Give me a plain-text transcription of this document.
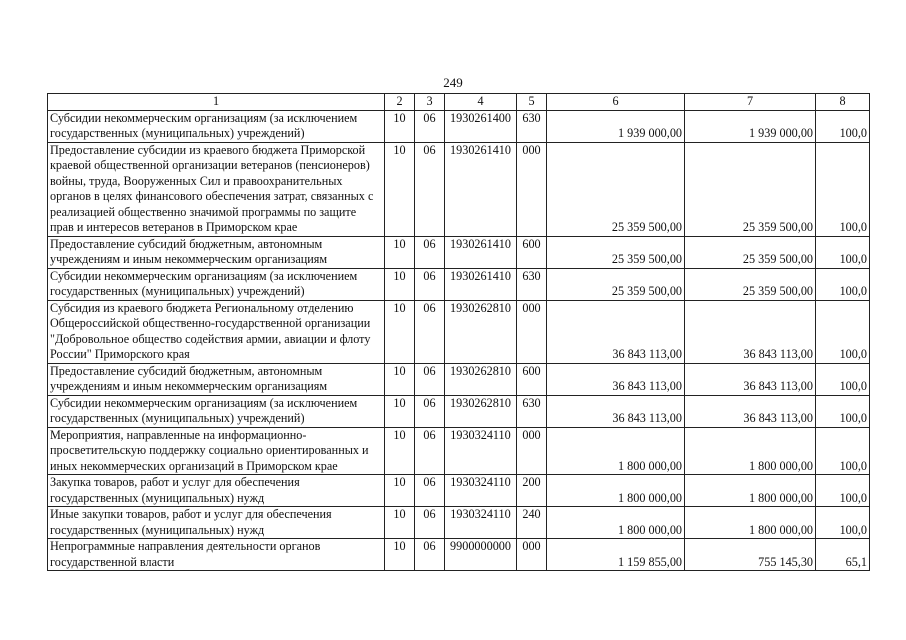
249
1	2	3	4	5	6	7	8
Субсидии некоммерческим организациям (за исключением государственных (муниципальных) учреждений)	10	06	1930261400	630	1 939 000,00	1 939 000,00	100,0
Предоставление субсидии из краевого бюджета Приморской краевой общественной организации ветеранов (пенсионеров) войны, труда, Вооруженных Сил и правоохранительных органов в целях финансового обеспечения затрат, связанных с реализацией общественно значимой программы по защите прав и интересов ветеранов в Приморском крае	10	06	1930261410	000	25 359 500,00	25 359 500,00	100,0
Предоставление субсидий бюджетным, автономным учреждениям и иным некоммерческим организациям	10	06	1930261410	600	25 359 500,00	25 359 500,00	100,0
Субсидии некоммерческим организациям (за исключением государственных (муниципальных) учреждений)	10	06	1930261410	630	25 359 500,00	25 359 500,00	100,0
Субсидия из краевого бюджета Региональному отделению Общероссийской общественно-государственной организации "Добровольное общество содействия армии, авиации и флоту России" Приморского края	10	06	1930262810	000	36 843 113,00	36 843 113,00	100,0
Предоставление субсидий бюджетным, автономным учреждениям и иным некоммерческим организациям	10	06	1930262810	600	36 843 113,00	36 843 113,00	100,0
Субсидии некоммерческим организациям (за исключением государственных (муниципальных) учреждений)	10	06	1930262810	630	36 843 113,00	36 843 113,00	100,0
Мероприятия, направленные на информационно-просветительскую поддержку социально ориентированных и иных некоммерческих организаций в Приморском крае	10	06	1930324110	000	1 800 000,00	1 800 000,00	100,0
Закупка товаров, работ и услуг для обеспечения государственных (муниципальных) нужд	10	06	1930324110	200	1 800 000,00	1 800 000,00	100,0
Иные закупки товаров, работ и услуг для обеспечения государственных (муниципальных) нужд	10	06	1930324110	240	1 800 000,00	1 800 000,00	100,0
Непрограммные направления деятельности органов государственной власти	10	06	9900000000	000	1 159 855,00	755 145,30	65,1
